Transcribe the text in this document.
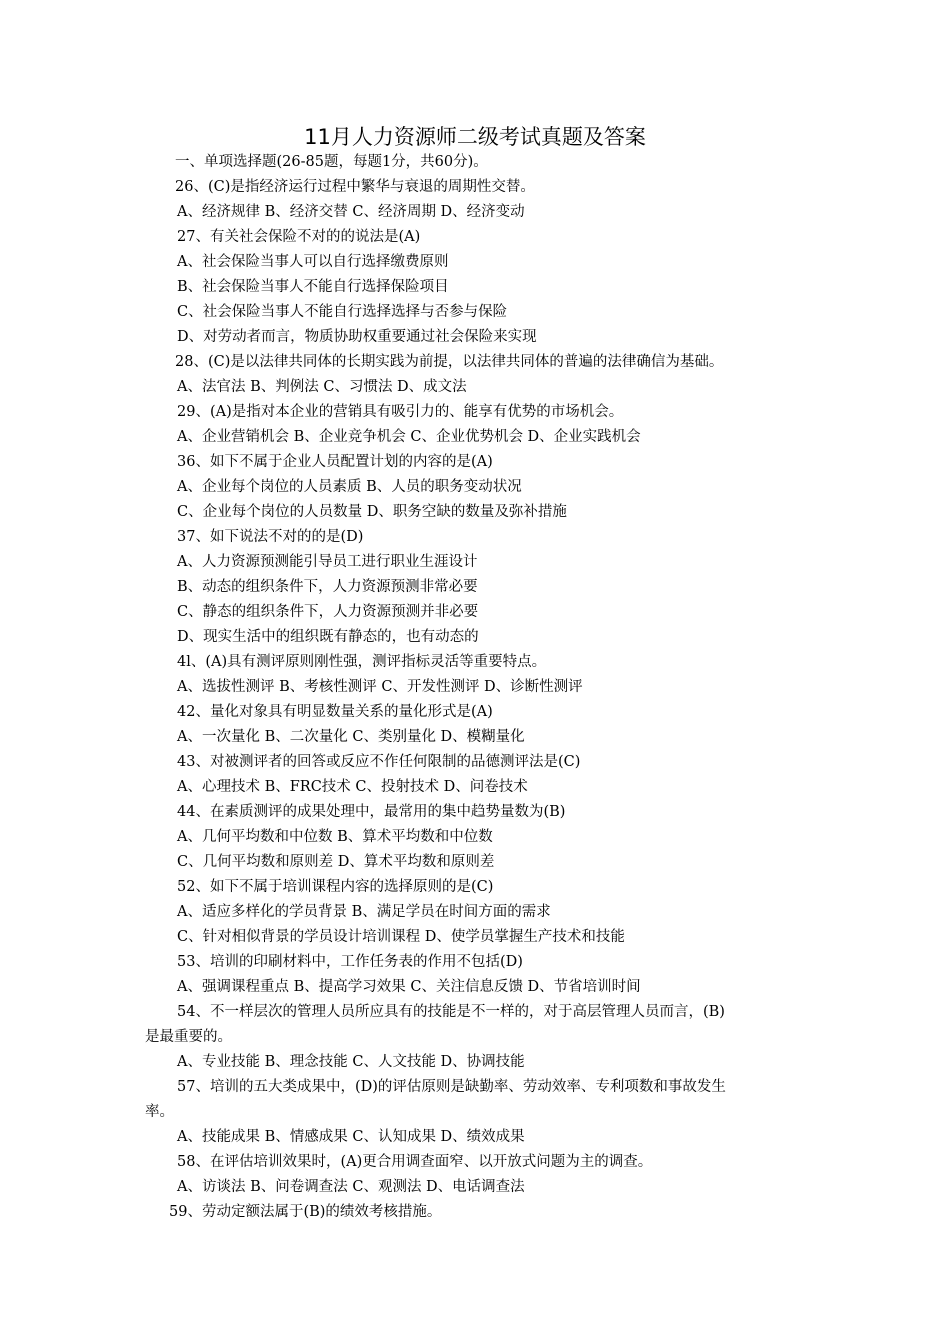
11月人力资源师二级考试真题及答案
一、单项选择题(26-85题，每题1分，共60分)。
26、(C)是指经济运行过程中繁华与衰退的周期性交替。
A、经济规律 B、经济交替 C、经济周期 D、经济变动
27、有关社会保险不对的的说法是(A)
A、社会保险当事人可以自行选择缴费原则
B、社会保险当事人不能自行选择保险项目
C、社会保险当事人不能自行选择选择与否参与保险
D、对劳动者而言，物质协助权重要通过社会保险来实现
28、(C)是以法律共同体的长期实践为前提，以法律共同体的普遍的法律确信为基础。
A、法官法 B、判例法 C、习惯法 D、成文法
29、(A)是指对本企业的营销具有吸引力的、能享有优势的市场机会。
A、企业营销机会 B、企业竞争机会 C、企业优势机会 D、企业实践机会
36、如下不属于企业人员配置计划的内容的是(A)
A、企业每个岗位的人员素质 B、人员的职务变动状况
C、企业每个岗位的人员数量 D、职务空缺的数量及弥补措施
37、如下说法不对的的是(D)
A、人力资源预测能引导员工进行职业生涯设计
B、动态的组织条件下，人力资源预测非常必要
C、静态的组织条件下，人力资源预测并非必要
D、现实生活中的组织既有静态的，也有动态的
4l、(A)具有测评原则刚性强，测评指标灵活等重要特点。
A、选拔性测评 B、考核性测评 C、开发性测评 D、诊断性测评
42、量化对象具有明显数量关系的量化形式是(A)
A、一次量化 B、二次量化 C、类别量化 D、模糊量化
43、对被测评者的回答或反应不作任何限制的品德测评法是(C)
A、心理技术 B、FRC技术 C、投射技术 D、问卷技术
44、在素质测评的成果处理中，最常用的集中趋势量数为(B)
A、几何平均数和中位数 B、算术平均数和中位数
C、几何平均数和原则差 D、算术平均数和原则差
52、如下不属于培训课程内容的选择原则的是(C)
A、适应多样化的学员背景 B、满足学员在时间方面的需求
C、针对相似背景的学员设计培训课程 D、使学员掌握生产技术和技能
53、培训的印刷材料中，工作任务表的作用不包括(D)
A、强调课程重点 B、提高学习效果 C、关注信息反馈 D、节省培训时间
54、不一样层次的管理人员所应具有的技能是不一样的，对于高层管理人员而言，(B)
是最重要的。
A、专业技能 B、理念技能 C、人文技能 D、协调技能
57、培训的五大类成果中，(D)的评估原则是缺勤率、劳动效率、专利项数和事故发生
率。
A、技能成果 B、情感成果 C、认知成果 D、绩效成果
58、在评估培训效果时，(A)更合用调查面窄、以开放式问题为主的调查。
A、访谈法 B、问卷调查法 C、观测法 D、电话调查法
59、劳动定额法属于(B)的绩效考核措施。
